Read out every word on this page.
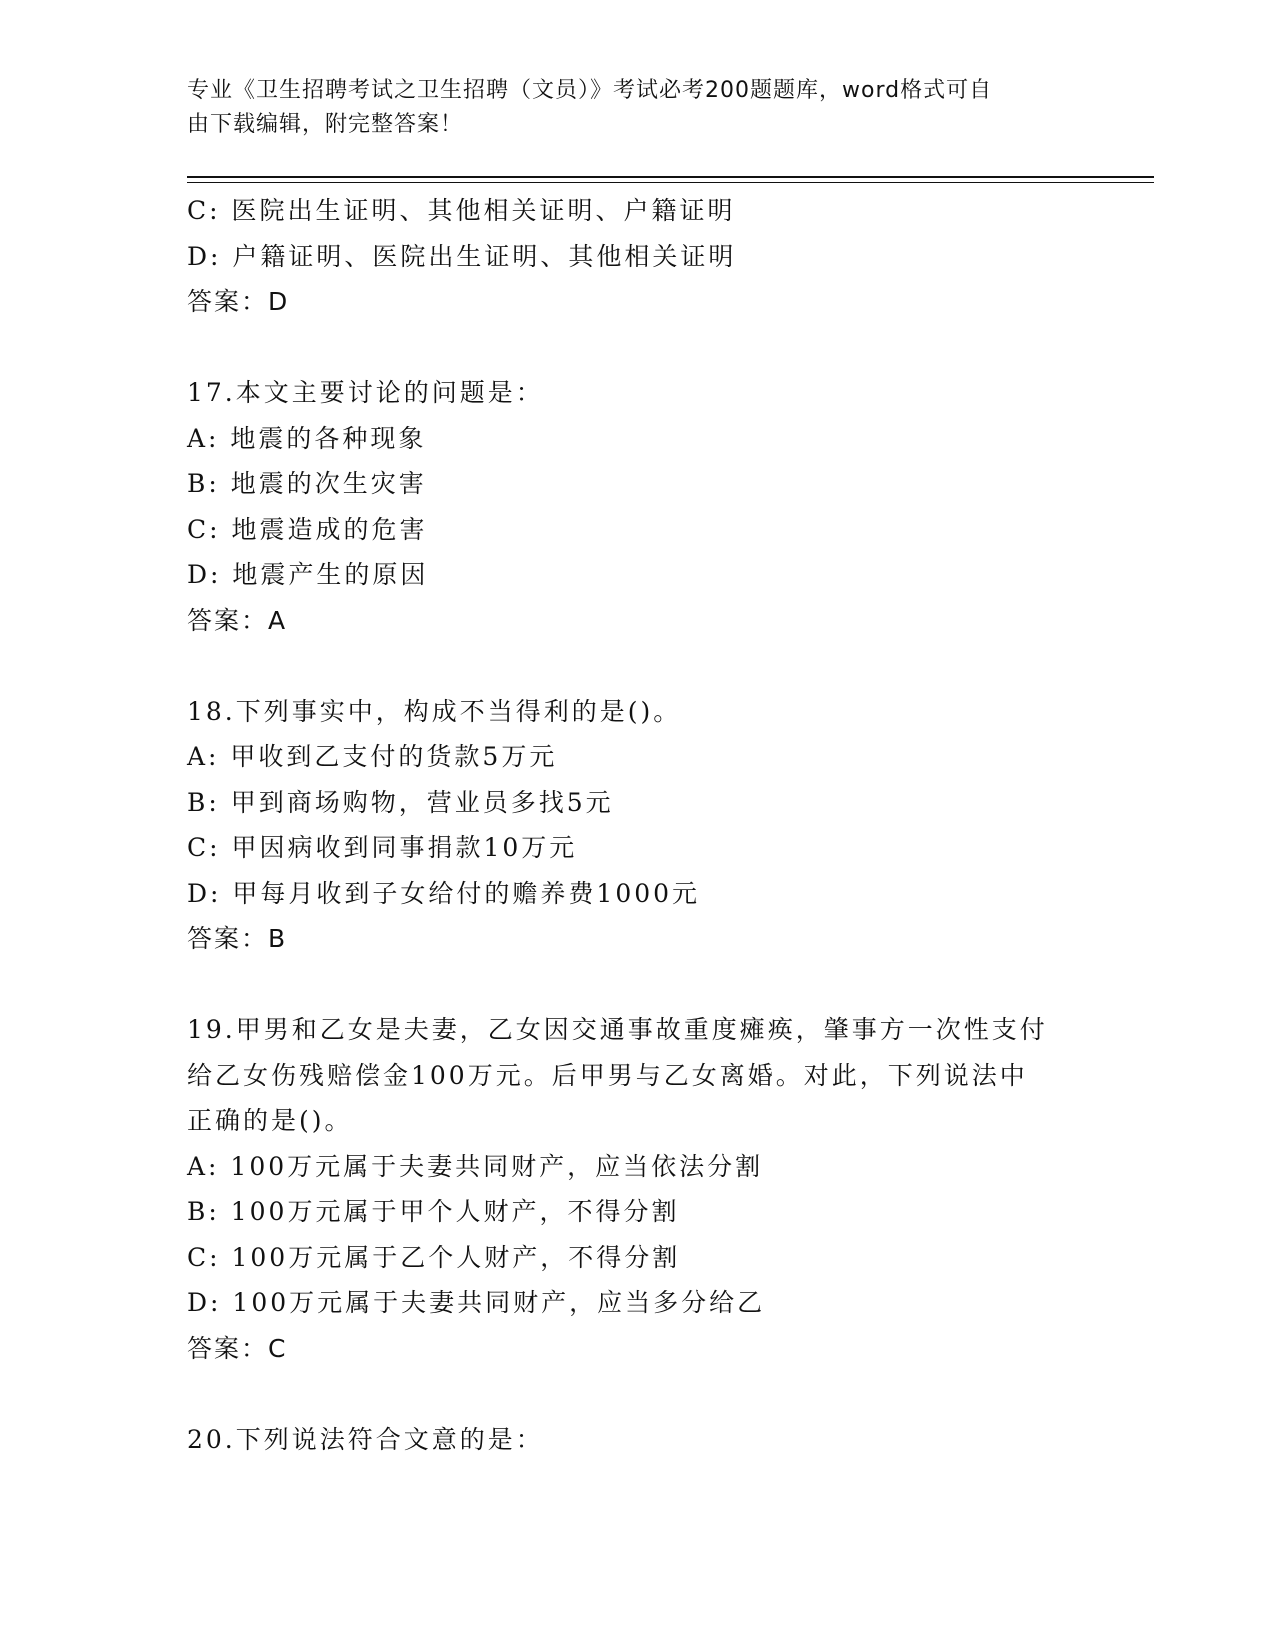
专业《卫生招聘考试之卫生招聘（文员）》考试必考200题题库，word格式可自
由下载编辑，附完整答案！
C: 医院出生证明、其他相关证明、户籍证明
D: 户籍证明、医院出生证明、其他相关证明
答案：D
17.本文主要讨论的问题是：
A: 地震的各种现象
B: 地震的次生灾害
C: 地震造成的危害
D: 地震产生的原因
答案：A
18.下列事实中，构成不当得利的是()。
A: 甲收到乙支付的货款5万元
B: 甲到商场购物，营业员多找5元
C: 甲因病收到同事捐款10万元
D: 甲每月收到子女给付的赡养费1000元
答案：B
19.甲男和乙女是夫妻，乙女因交通事故重度瘫痪，肇事方一次性支付
给乙女伤残赔偿金100万元。后甲男与乙女离婚。对此，下列说法中
正确的是()。
A: 100万元属于夫妻共同财产，应当依法分割
B: 100万元属于甲个人财产，不得分割
C: 100万元属于乙个人财产，不得分割
D: 100万元属于夫妻共同财产，应当多分给乙
答案：C
20.下列说法符合文意的是：
